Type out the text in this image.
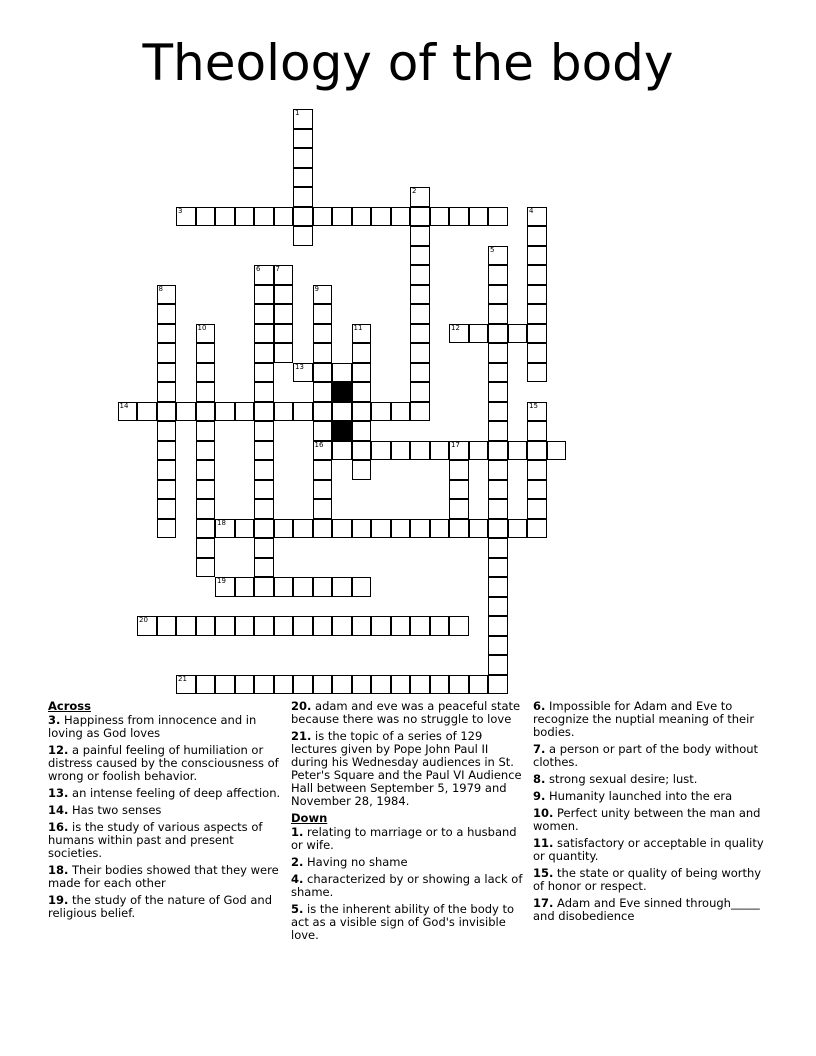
Theology of the body
1
2
3	4
5
6 7
8	9
16
10	11	12
13
14	15
17
18
19
20
21
Across
3. Happiness from innocence and in loving as God loves
12. a painful feeling of humiliation or distress caused by the consciousness of wrong or foolish behavior.
13. an intense feeling of deep affection.
14. Has two senses
16. is the study of various aspects of humans within past and present societies.
18. Their bodies showed that they were made for each other
19. the study of the nature of God and religious belief.
20. adam and eve was a peaceful state because there was no struggle to love
21. is the topic of a series of 129 lectures given by Pope John Paul II during his Wednesday audiences in St. Peter's Square and the Paul VI Audience Hall between September 5, 1979 and November 28, 1984.
Down
1. relating to marriage or to a husband or wife.
2. Having no shame
4. characterized by or showing a lack of shame.
5. is the inherent ability of the body to act as a visible sign of God's invisible love.
6. Impossible for Adam and Eve to recognize the nuptial meaning of their bodies.
7. a person or part of the body without clothes.
8. strong sexual desire; lust.
9. Humanity launched into the era
10. Perfect unity between the man and women.
11. satisfactory or acceptable in quality or quantity.
15. the state or quality of being worthy of honor or respect.
17. Adam and Eve sinned through_____ and disobedience
